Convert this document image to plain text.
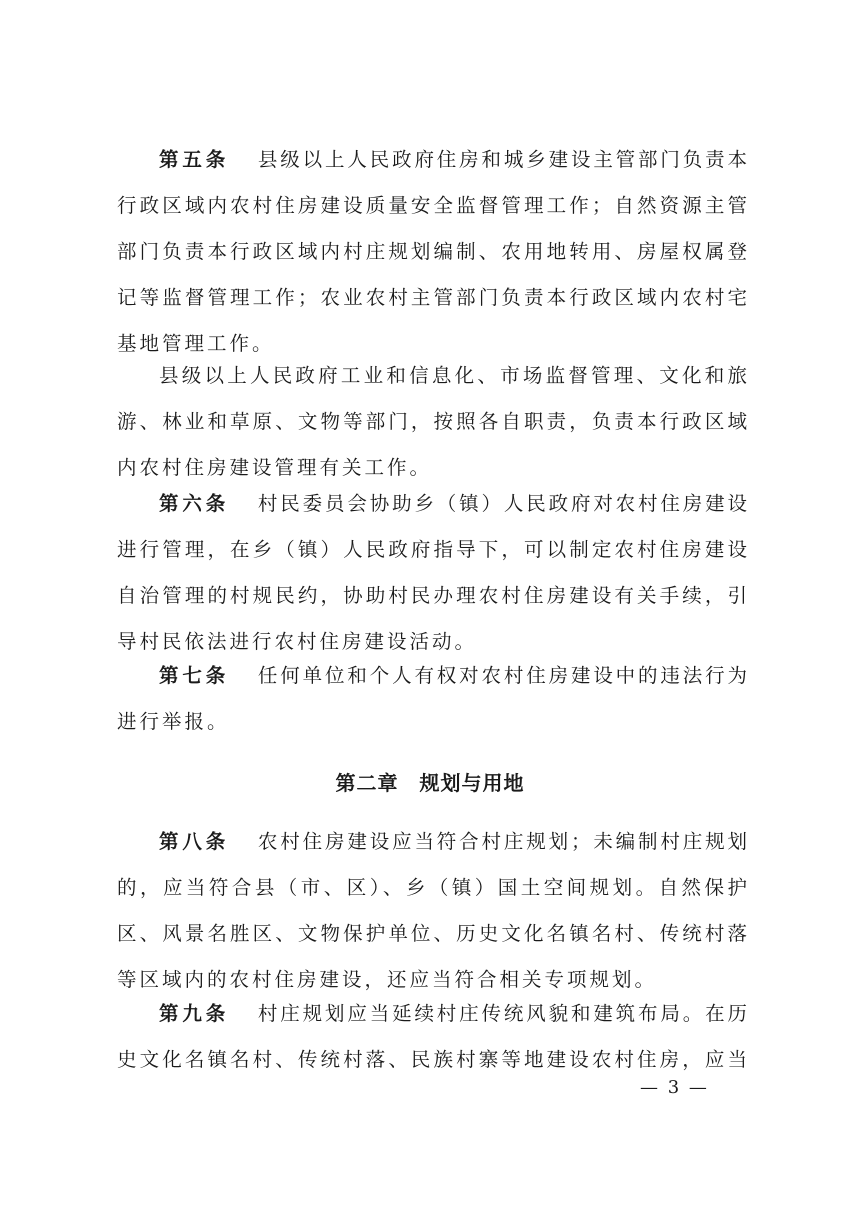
第五条 县级以上人民政府住房和城乡建设主管部门负责本
行政区域内农村住房建设质量安全监督管理工作；自然资源主管
部门负责本行政区域内村庄规划编制、农用地转用、房屋权属登
记等监督管理工作；农业农村主管部门负责本行政区域内农村宅
基地管理工作。
县级以上人民政府工业和信息化、市场监督管理、文化和旅
游、林业和草原、文物等部门，按照各自职责，负责本行政区域
内农村住房建设管理有关工作。
第六条 村民委员会协助乡（镇）人民政府对农村住房建设
进行管理，在乡（镇）人民政府指导下，可以制定农村住房建设
自治管理的村规民约，协助村民办理农村住房建设有关手续，引
导村民依法进行农村住房建设活动。
第七条 任何单位和个人有权对农村住房建设中的违法行为
进行举报。
第二章　规划与用地
第八条 农村住房建设应当符合村庄规划；未编制村庄规划
的，应当符合县（市、区）、乡（镇）国土空间规划。自然保护
区、风景名胜区、文物保护单位、历史文化名镇名村、传统村落
等区域内的农村住房建设，还应当符合相关专项规划。
第九条 村庄规划应当延续村庄传统风貌和建筑布局。在历
史文化名镇名村、传统村落、民族村寨等地建设农村住房，应当
— 3 —
